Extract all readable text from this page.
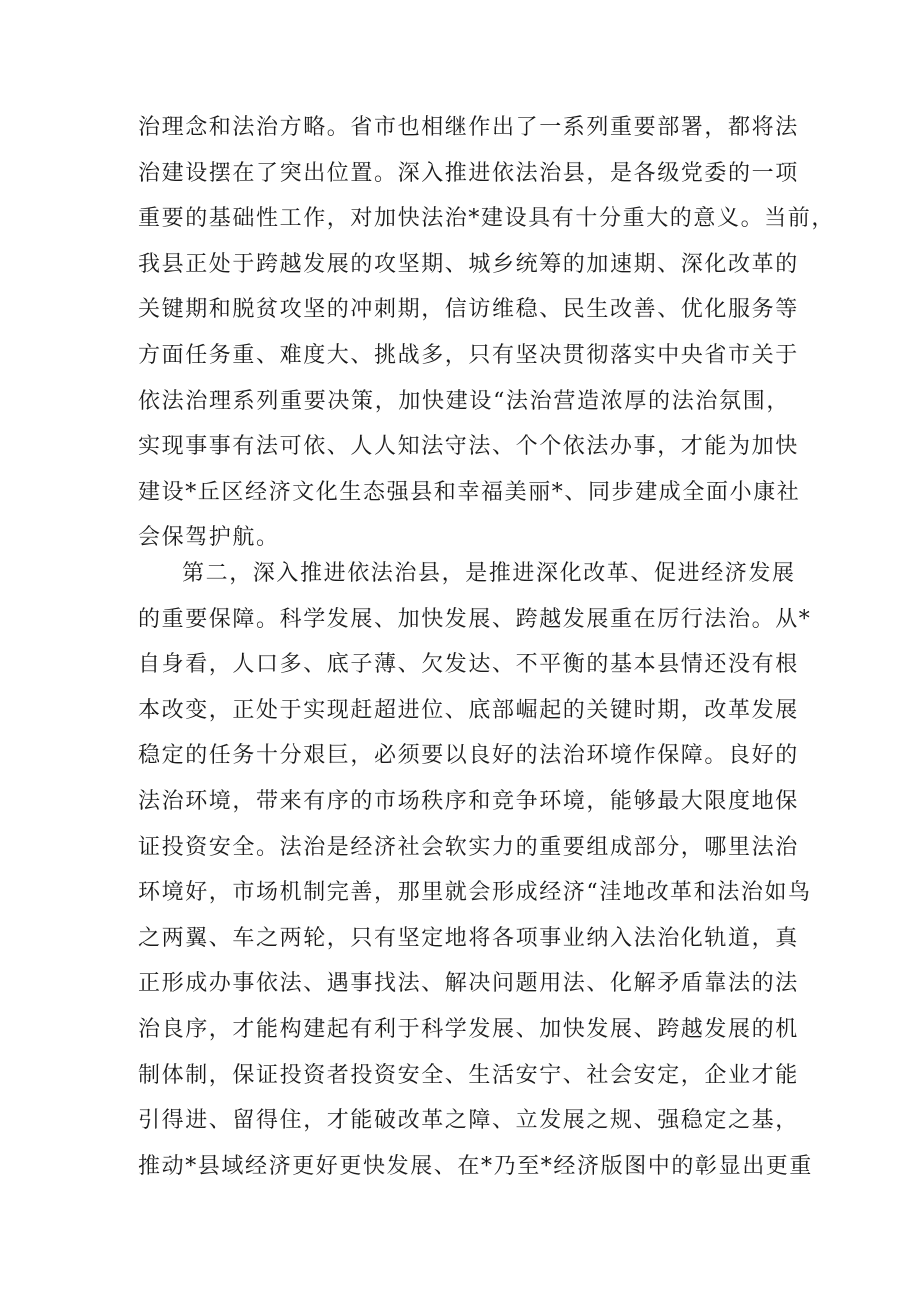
治理念和法治方略。省市也相继作出了一系列重要部署，都将法
治建设摆在了突出位置。深入推进依法治县，是各级党委的一项
重要的基础性工作，对加快法治*建设具有十分重大的意义。当前，
我县正处于跨越发展的攻坚期、城乡统筹的加速期、深化改革的
关键期和脱贫攻坚的冲刺期，信访维稳、民生改善、优化服务等
方面任务重、难度大、挑战多，只有坚决贯彻落实中央省市关于
依法治理系列重要决策，加快建设“法治营造浓厚的法治氛围，
实现事事有法可依、人人知法守法、个个依法办事，才能为加快
建设*丘区经济文化生态强县和幸福美丽*、同步建成全面小康社
会保驾护航。
第二，深入推进依法治县，是推进深化改革、促进经济发展
的重要保障。科学发展、加快发展、跨越发展重在厉行法治。从*
自身看，人口多、底子薄、欠发达、不平衡的基本县情还没有根
本改变，正处于实现赶超进位、底部崛起的关键时期，改革发展
稳定的任务十分艰巨，必须要以良好的法治环境作保障。良好的
法治环境，带来有序的市场秩序和竞争环境，能够最大限度地保
证投资安全。法治是经济社会软实力的重要组成部分，哪里法治
环境好，市场机制完善，那里就会形成经济“洼地改革和法治如鸟
之两翼、车之两轮，只有坚定地将各项事业纳入法治化轨道，真
正形成办事依法、遇事找法、解决问题用法、化解矛盾靠法的法
治良序，才能构建起有利于科学发展、加快发展、跨越发展的机
制体制，保证投资者投资安全、生活安宁、社会安定，企业才能
引得进、留得住，才能破改革之障、立发展之规、强稳定之基，
推动*县域经济更好更快发展、在*乃至*经济版图中的彰显出更重
